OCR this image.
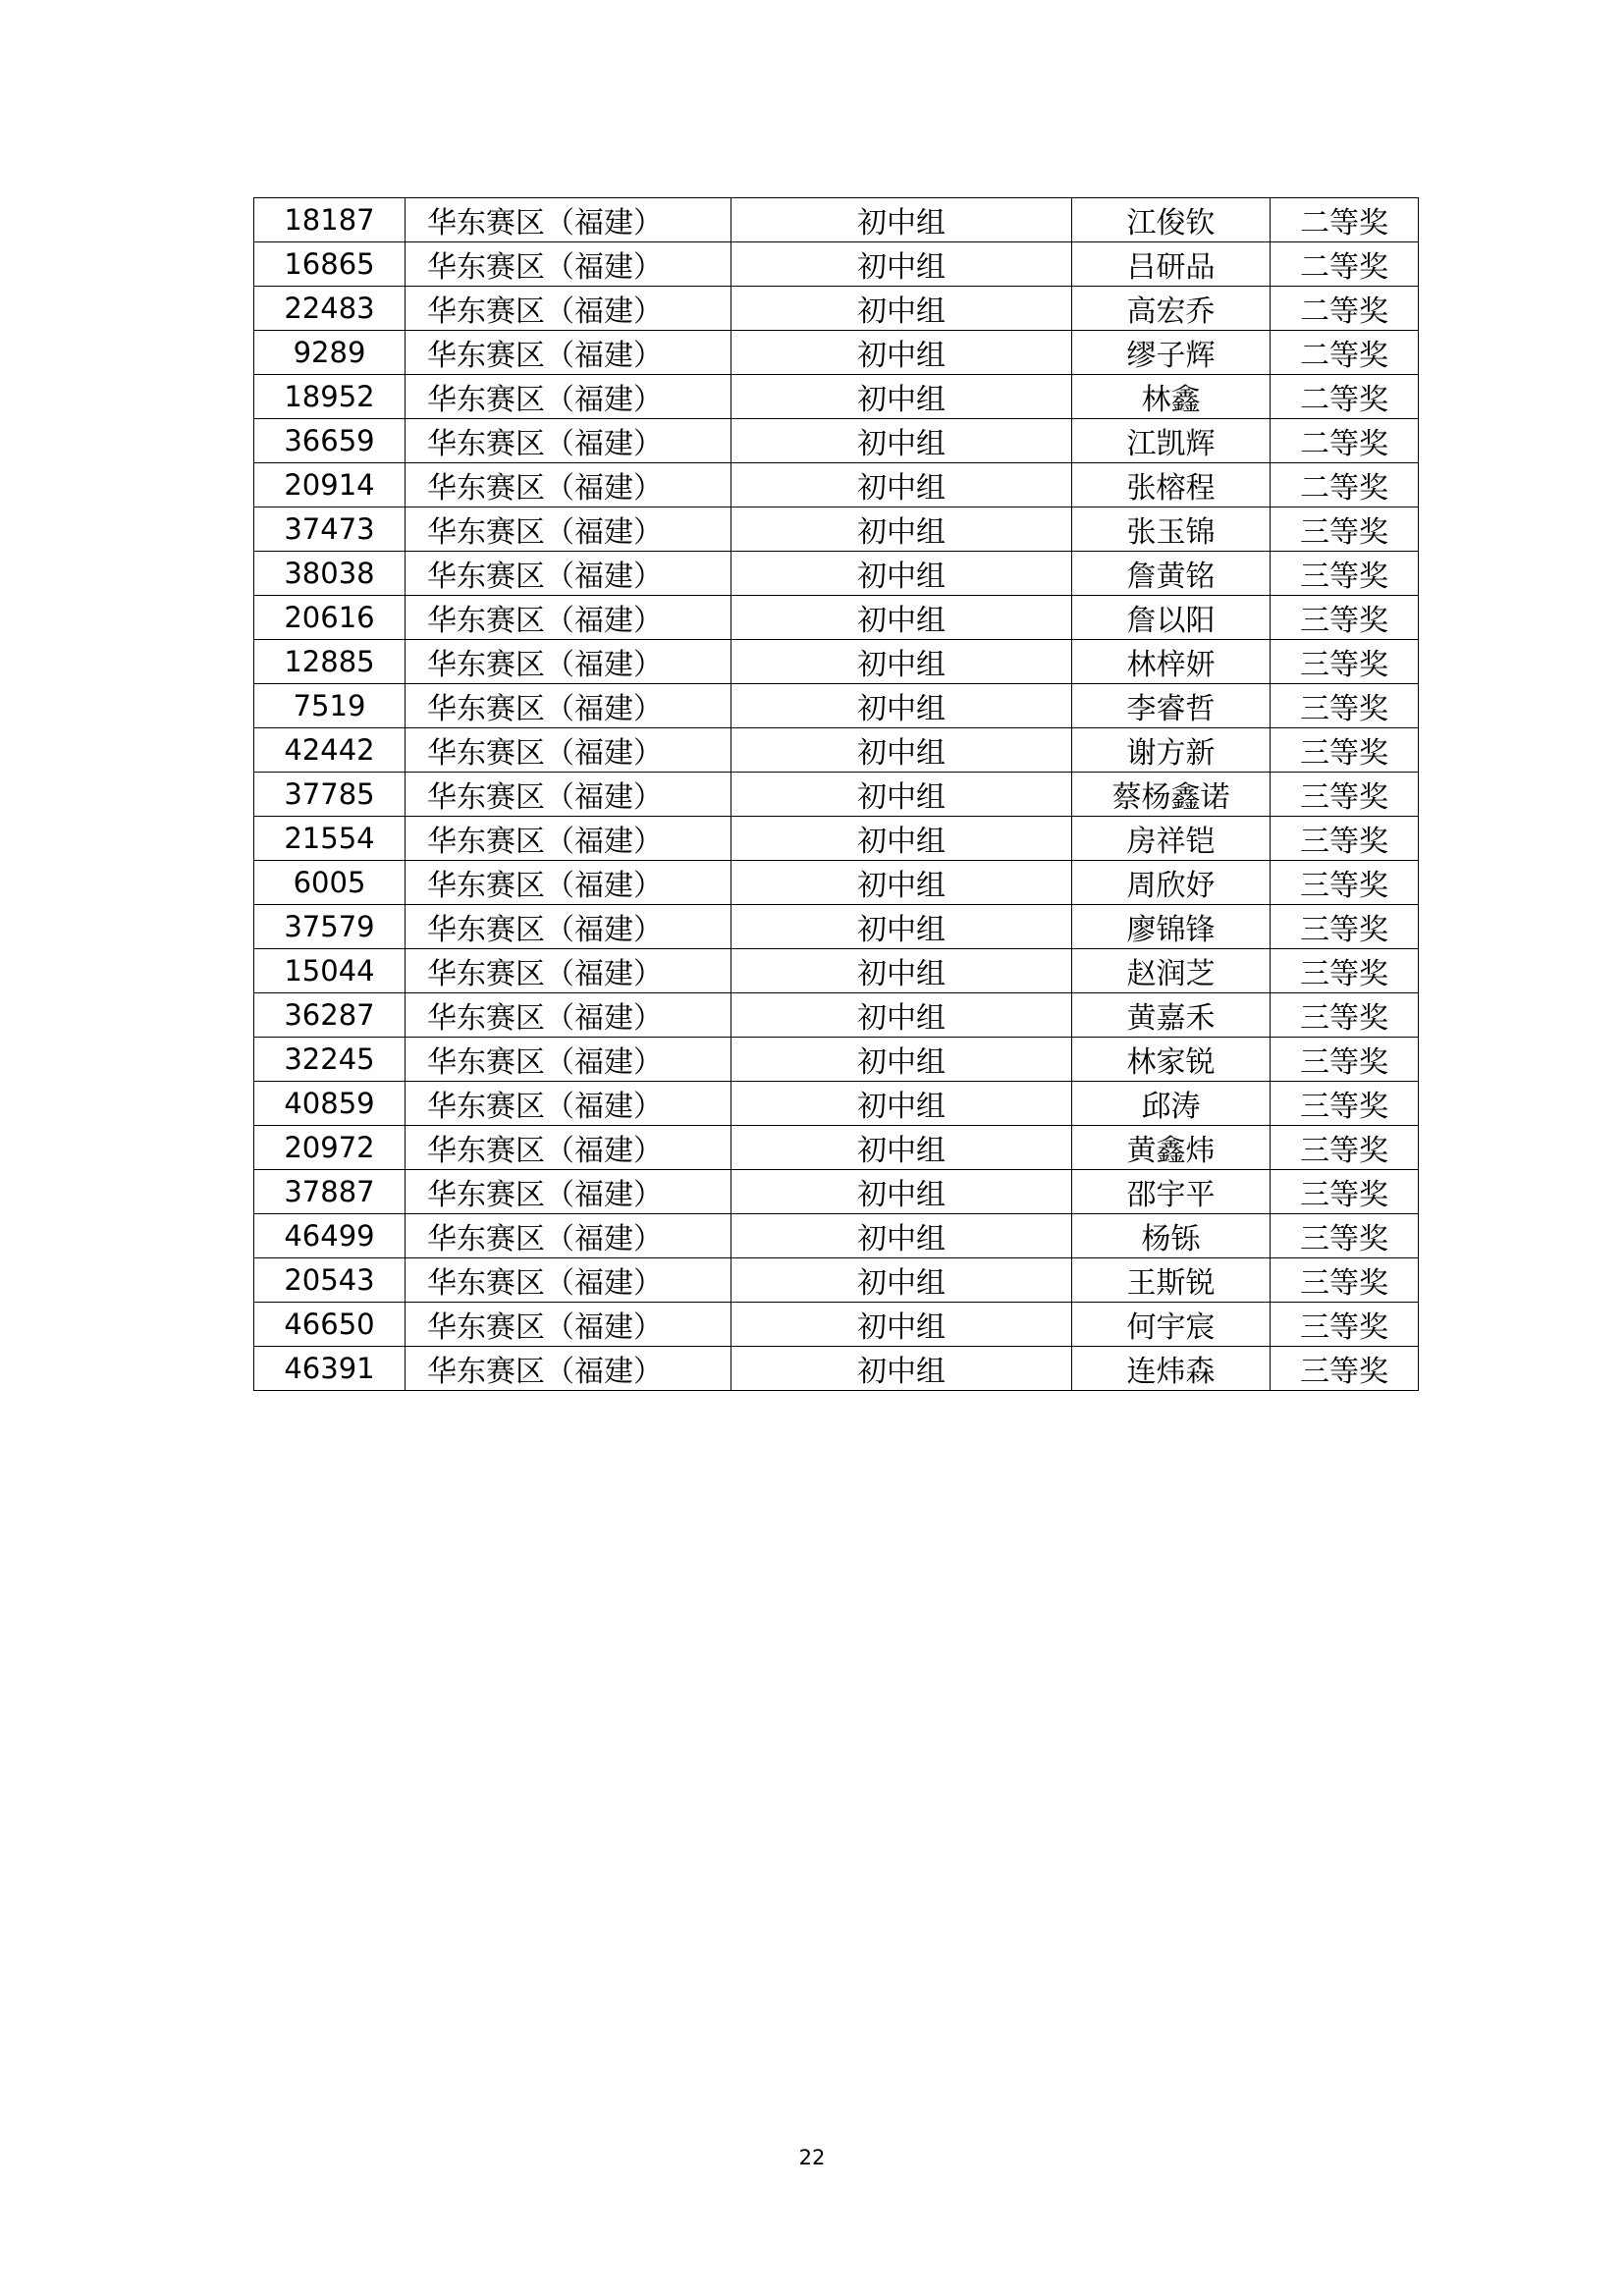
18187	华东赛区（福建）	初中组	江俊钦	二等奖
16865	华东赛区（福建）	初中组	吕研品	二等奖
22483	华东赛区（福建）	初中组	高宏乔	二等奖
9289	华东赛区（福建）	初中组	缪子辉	二等奖
18952	华东赛区（福建）	初中组	林鑫	二等奖
36659	华东赛区（福建）	初中组	江凯辉	二等奖
20914	华东赛区（福建）	初中组	张榕程	二等奖
37473	华东赛区（福建）	初中组	张玉锦	三等奖
38038	华东赛区（福建）	初中组	詹黄铭	三等奖
20616	华东赛区（福建）	初中组	詹以阳	三等奖
12885	华东赛区（福建）	初中组	林梓妍	三等奖
7519	华东赛区（福建）	初中组	李睿哲	三等奖
42442	华东赛区（福建）	初中组	谢方新	三等奖
37785	华东赛区（福建）	初中组	蔡杨鑫诺	三等奖
21554	华东赛区（福建）	初中组	房祥铠	三等奖
6005	华东赛区（福建）	初中组	周欣妤	三等奖
37579	华东赛区（福建）	初中组	廖锦锋	三等奖
15044	华东赛区（福建）	初中组	赵润芝	三等奖
36287	华东赛区（福建）	初中组	黄嘉禾	三等奖
32245	华东赛区（福建）	初中组	林家锐	三等奖
40859	华东赛区（福建）	初中组	邱涛	三等奖
20972	华东赛区（福建）	初中组	黄鑫炜	三等奖
37887	华东赛区（福建）	初中组	邵宇平	三等奖
46499	华东赛区（福建）	初中组	杨铄	三等奖
20543	华东赛区（福建）	初中组	王斯锐	三等奖
46650	华东赛区（福建）	初中组	何宇宸	三等奖
46391	华东赛区（福建）	初中组	连炜森	三等奖
22
